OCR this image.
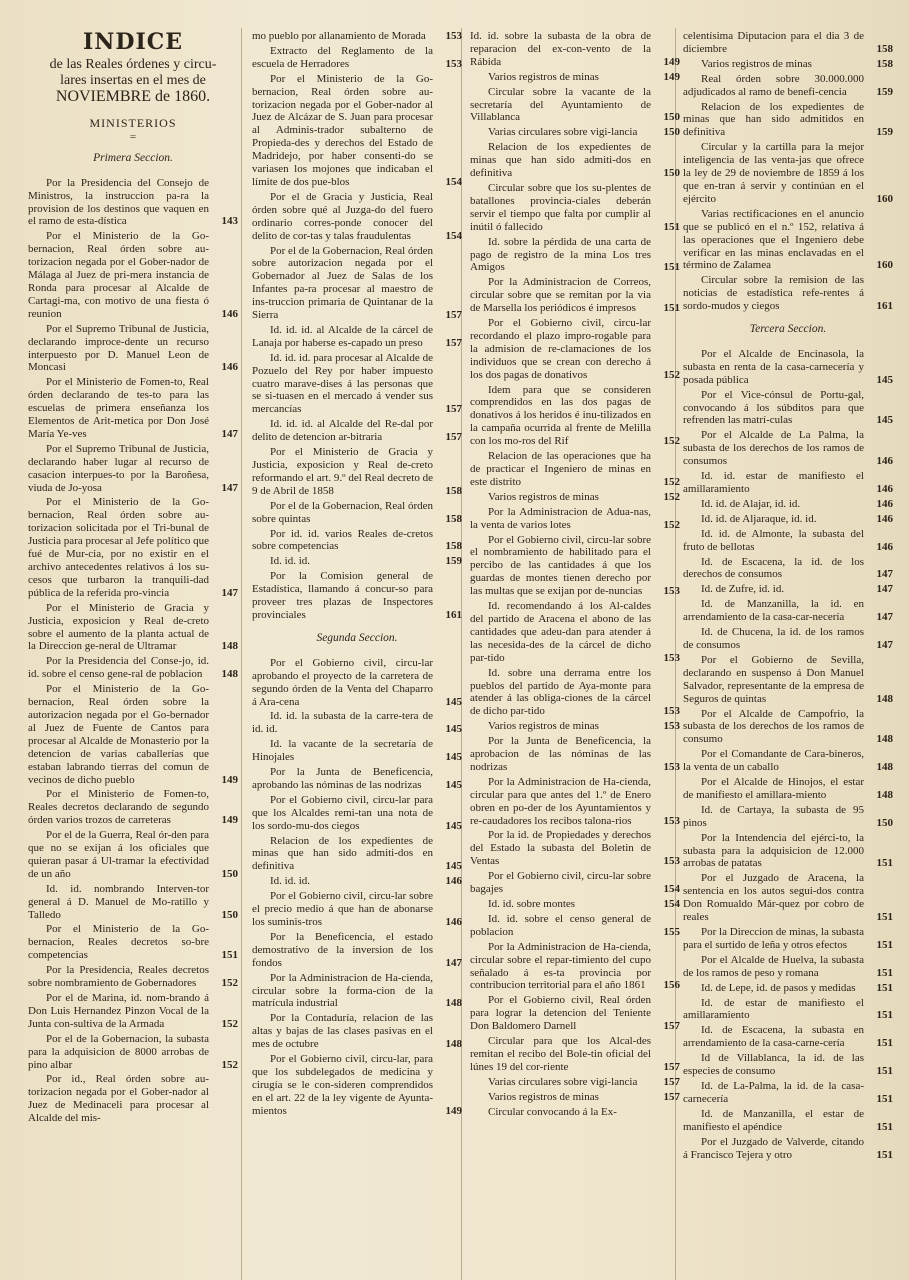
INDICE
de las Reales órdenes y circu-
lares insertas en el mes de
NOVIEMBRE de 1860.
MINISTERIOS
=
Primera Seccion.
Por la Presidencia del Consejo de Ministros, la instruccion pa-ra la provision de los destinos que vaquen en el ramo de esta-dística	143
Por el Ministerio de la Go-bernacion, Real órden sobre au-torizacion negada por el Gober-nador de Málaga al Juez de pri-mera instancia de Ronda para procesar al Alcalde de Cartagi-ma, con motivo de una fiesta ó reunion	146
Por el Supremo Tribunal de Justicia, declarando improce-dente un recurso interpuesto por D. Manuel Leon de Moncasi	146
Por el Ministerio de Fomen-to, Real órden declarando de tes-to para las escuelas de primera enseñanza los Elementos de Arit-metica por Don José María Ye-ves	147
Por el Supremo Tribunal de Justicia, declarando haber lugar al recurso de casacion interpues-to por la Baroñesa, viuda de Jo-yosa	147
Por el Ministerio de la Go-bernacion, Real órden sobre au-torizacion solicitada por el Tri-bunal de Justicia para procesar al Jefe político que fué de Mur-cia, por no existir en el archivo antecedentes relativos á los su-cesos que turbaron la tranquili-dad pública de la referida pro-vincia	147
Por el Ministerio de Gracia y Justicia, exposicion y Real de-creto sobre el aumento de la planta actual de la Direccion ge-neral de Ultramar	148
Por la Presidencia del Conse-jo, id. id. sobre el censo gene-ral de poblacion	148
Por el Ministerio de la Go-bernacion, Real órden sobre la autorizacion negada por el Go-bernador al Juez de Fuente de Cantos para procesar al Alcalde de Monasterio por la detencion de varias caballerías que estaban labrando tierras del comun de vecinos de dicho pueblo	149
Por el Ministerio de Fomen-to, Reales decretos declarando de segundo órden varios trozos de carreteras	149
Por el de la Guerra, Real ór-den para que no se exijan á los oficiales que quieran pasar á Ul-tramar la efectividad de un año	150
Id. id. nombrando Interven-tor general á D. Manuel de Mo-ratillo y Talledo	150
Por el Ministerio de la Go-bernacion, Reales decretos so-bre competencias	151
Por la Presidencia, Reales decretos sobre nombramiento de Gobernadores	152
Por el de Marina, id. nom-brando á Don Luis Hernandez Pinzon Vocal de la Junta con-sultiva de la Armada	152
Por el de la Gobernacion, la subasta para la adquisicion de 8000 arrobas de pino albar	152
Por id., Real órden sobre au-torizacion negada por el Gober-nador al Juez de Medinaceli para procesar al Alcalde del mis-
mo pueblo por allanamiento de Morada	153
Extracto del Reglamento de la escuela de Herradores	153
Por el Ministerio de la Go-bernacion, Real órden sobre au-torizacion negada por el Gober-nador al Juez de Alcázar de S. Juan para procesar al Adminis-trador subalterno de Propieda-des y derechos del Estado de Madridejo, por haber consenti-do se variasen los mojones que indicaban el límite de dos pue-blos	154
Por el de Gracia y Justicia, Real órden sobre qué al Juzga-do del fuero ordinario corres-ponde conocer del delito de cor-tas y talas fraudulentas	154
Por el de la Gobernacion, Real órden sobre autorizacion negada por el Gobernador al Juez de Salas de los Infantes pa-ra procesar al maestro de ins-truccion primaria de Quintanar de la Sierra	157
Id. id. id. al Alcalde de la cárcel de Lanaja por haberse es-capado un preso	157
Id. id. id. para procesar al Alcalde de Pozuelo del Rey por haber impuesto cuatro marave-dises á las personas que se si-tuasen en el mercado á vender sus mercancías	157
Id. id. id. al Alcalde del Re-dal por delito de detencion ar-bitraria	157
Por el Ministerio de Gracia y Justicia, exposicion y Real de-creto reformando el art. 9.º del Real decreto de 9 de Abril de 1858	158
Por el de la Gobernacion, Real órden sobre quintas	158
Por id. id. varios Reales de-cretos sobre competencias	158
Id. id. id.	159
Por la Comision general de Estadística, llamando á concur-so para proveer tres plazas de Inspectores provinciales	161
Segunda Seccion.
Por el Gobierno civil, circu-lar aprobando el proyecto de la carretera de segundo órden de la Venta del Chaparro á Ara-cena	145
Id. id. la subasta de la carre-tera de id. id.	145
Id. la vacante de la secretaría de Hinojales	145
Por la Junta de Beneficencia, aprobando las nóminas de las nodrizas	145
Por el Gobierno civil, circu-lar para que los Alcaldes remi-tan una nota de los sordo-mu-dos ciegos	145
Relacion de los expedientes de minas que han sido admiti-dos en definitiva	145
Id. id. id.	146
Por el Gobierno civil, circu-lar sobre el precio medio á que han de abonarse los suminis-tros	146
Por la Beneficencia, el estado demostrativo de la inversion de los fondos	147
Por la Administracion de Ha-cienda, circular sobre la forma-cion de la matrícula industrial	148
Por la Contaduría, relacion de las altas y bajas de las clases pasivas en el mes de octubre	148
Por el Gobierno civil, circu-lar, para que los subdelegados de medicina y cirugía se le con-sideren comprendidos en el art. 22 de la ley vigente de Ayunta-mientos	149
Id. id. sobre la subasta de la obra de reparacion del ex-con-vento de la Rábida	149
Varios registros de minas	149
Circular sobre la vacante de la secretaría del Ayuntamiento de Villablanca	150
Varias circulares sobre vigi-lancia	150
Relacion de los expedientes de minas que han sido admiti-dos en definitiva	150
Circular sobre que los su-plentes de batallones provincia-ciales deberán servir el tiempo que falta por cumplir al inútil ó fallecido	151
Id. sobre la pérdida de una carta de pago de registro de la mina Los tres Amigos	151
Por la Administracion de Correos, circular sobre que se remitan por la via de Marsella los periódicos é impresos	151
Por el Gobierno civil, circu-lar recordando el plazo impro-rogable para la admision de re-clamaciones de los individuos que se crean con derecho á los dos pagas de donativos	152
Idem para que se consideren comprendidos en las dos pagas de donativos á los heridos é inu-tilizados en la campaña ocurrida al frente de Melilla con los mo-ros del Rif	152
Relacion de las operaciones que ha de practicar el Ingeniero de minas en este distrito	152
Varios registros de minas	152
Por la Administracion de Adua-nas, la venta de varios lotes	152
Por el Gobierno civil, circu-lar sobre el nombramiento de habilitado para el percibo de las cantidades á que los guardas de montes tienen derecho por las multas que se exijan por de-nuncias	153
Id. recomendando á los Al-caldes del partido de Aracena el abono de las cantidades que adeu-dan para atender á las necesida-des de la cárcel de dicho par-tido	153
Id. sobre una derrama entre los pueblos del partido de Aya-monte para atender á las obliga-ciones de la cárcel de dicho par-tido	153
Varios registros de minas	153
Por la Junta de Beneficencia, la aprobacion de las nóminas de las nodrizas	153
Por la Administracion de Ha-cienda, circular para que antes del 1.º de Enero obren en po-der de los Ayuntamientos y re-caudadores los recibos talona-rios	153
Por la id. de Propiedades y derechos del Estado la subasta del Boletin de Ventas	153
Por el Gobierno civil, circu-lar sobre bagajes	154
Id. id. sobre montes	154
Id. id. sobre el censo general de poblacion	155
Por la Administracion de Ha-cienda, circular sobre el repar-timiento del cupo señalado á es-ta provincia por contribucion territorial para el año 1861	156
Por el Gobierno civil, Real órden para lograr la detencion del Teniente Don Baldomero Darnell	157
Circular para que los Alcal-des remitan el recibo del Bole-tin oficial del lúnes 19 del cor-riente	157
Varias circulares sobre vigi-lancia	157
Varios registros de minas	157
Circular convocando á la Ex-
celentísima Diputacion para el dia 3 de diciembre	158
Varios registros de minas	158
Real órden sobre 30.000.000 adjudicados al ramo de benefi-cencia	159
Relacion de los expedientes de minas que han sido admitidos en definitiva	159
Circular y la cartilla para la mejor inteligencia de las venta-jas que ofrece la ley de 29 de noviembre de 1859 á los que en-tran á servir y continúan en el ejército	160
Varias rectificaciones en el anuncio que se publicó en el n.º 152, relativa á las operaciones que el Ingeniero debe verificar en las minas enclavadas en el término de Zalamea	160
Circular sobre la remision de las noticias de estadística refe-rentes á sordo-mudos y ciegos	161
Tercera Seccion.
Por el Alcalde de Encinasola, la subasta en renta de la casa-carnecería y posada pública	145
Por el Vice-cónsul de Portu-gal, convocando á los súbditos para que refrenden las matrí-culas	145
Por el Alcalde de La Palma, la subasta de los derechos de los ramos de consumos	146
Id. id. estar de manifiesto el amillaramiento	146
Id. id. de Alajar, id. id.	146
Id. id. de Aljaraque, id. id.	146
Id. id. de Almonte, la subasta del fruto de bellotas	146
Id. de Escacena, la id. de los derechos de consumos	147
Id. de Zufre, id. id.	147
Id. de Manzanilla, la id. en arrendamiento de la casa-car-necería	147
Id. de Chucena, la id. de los ramos de consumos	147
Por el Gobierno de Sevilla, declarando en suspenso á Don Manuel Salvador, representante de la empresa de Seguros de quintas	148
Por el Alcalde de Campofrio, la subasta de los derechos de los ramos de consumo	148
Por el Comandante de Cara-bineros, la venta de un caballo	148
Por el Alcalde de Hinojos, el estar de manifiesto el amillara-miento	148
Id. de Cartaya, la subasta de 95 pinos	150
Por la Intendencia del ejérci-to, la subasta para la adquisicion de 12.000 arrobas de patatas	151
Por el Juzgado de Aracena, la sentencia en los autos segui-dos contra Don Romualdo Már-quez por cobro de reales	151
Por la Direccion de minas, la subasta para el surtido de leña y otros efectos	151
Por el Alcalde de Huelva, la subasta de los ramos de peso y romana	151
Id. de Lepe, id. de pasos y medidas	151
Id. de estar de manifiesto el amillaramiento	151
Id. de Escacena, la subasta en arrendamiento de la casa-carne-cería	151
Id de Villablanca, la id. de las especies de consumo	151
Id. de La-Palma, la id. de la casa-carnecería	151
Id. de Manzanilla, el estar de manifiesto el apéndice	151
Por el Juzgado de Valverde, citando á Francisco Tejera y otro	151
